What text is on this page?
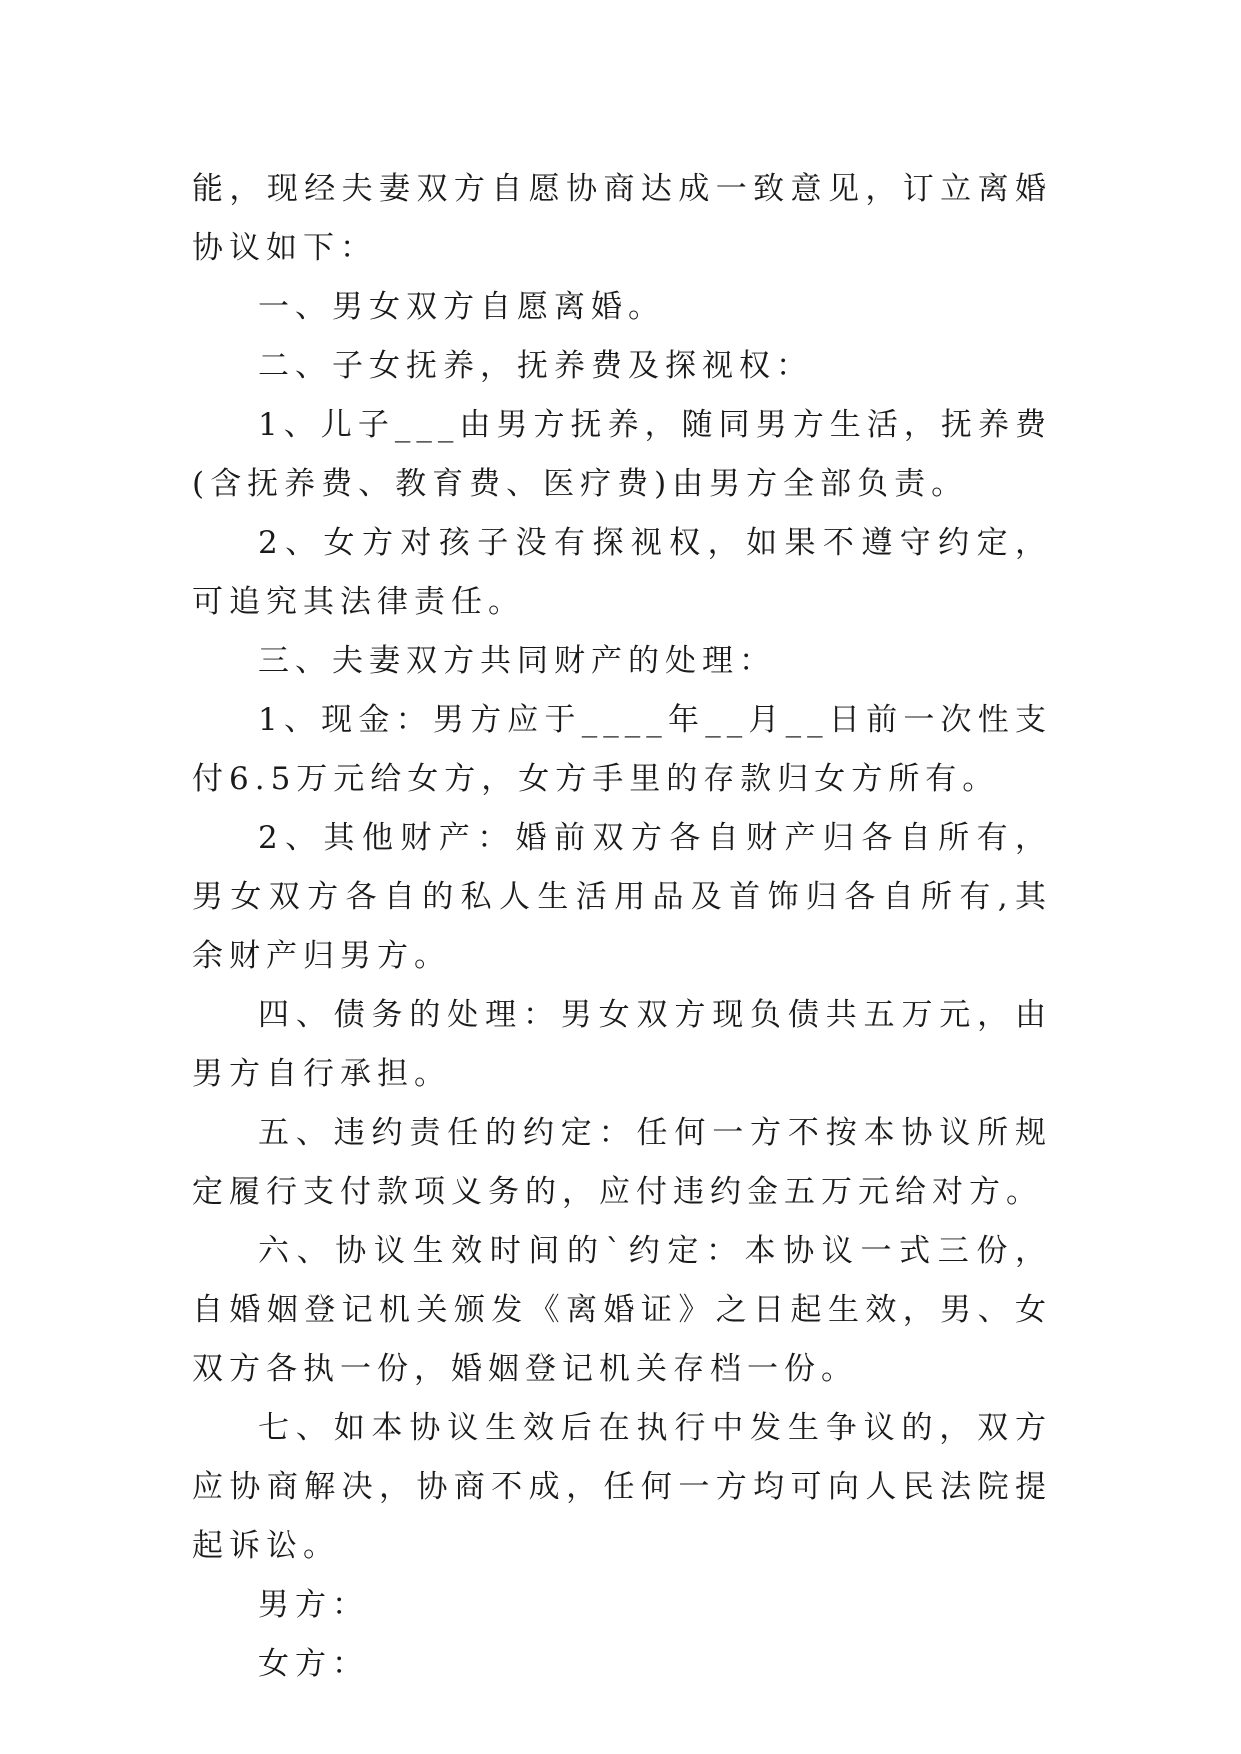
能，现经夫妻双方自愿协商达成一致意见，订立离婚协议如下：

一、男女双方自愿离婚。

二、子女抚养，抚养费及探视权：

1、儿子___由男方抚养，随同男方生活，抚养费(含抚养费、教育费、医疗费)由男方全部负责。

2、女方对孩子没有探视权，如果不遵守约定，可追究其法律责任。

三、夫妻双方共同财产的处理：

1、现金：男方应于____年__月__日前一次性支付6.5万元给女方，女方手里的存款归女方所有。

2、其他财产：婚前双方各自财产归各自所有，男女双方各自的私人生活用品及首饰归各自所有,其余财产归男方。

四、债务的处理：男女双方现负债共五万元，由男方自行承担。

五、违约责任的约定：任何一方不按本协议所规定履行支付款项义务的，应付违约金五万元给对方。

六、协议生效时间的`约定：本协议一式三份，自婚姻登记机关颁发《离婚证》之日起生效，男、女双方各执一份，婚姻登记机关存档一份。

七、如本协议生效后在执行中发生争议的，双方应协商解决，协商不成，任何一方均可向人民法院提起诉讼。

男方：

女方：
